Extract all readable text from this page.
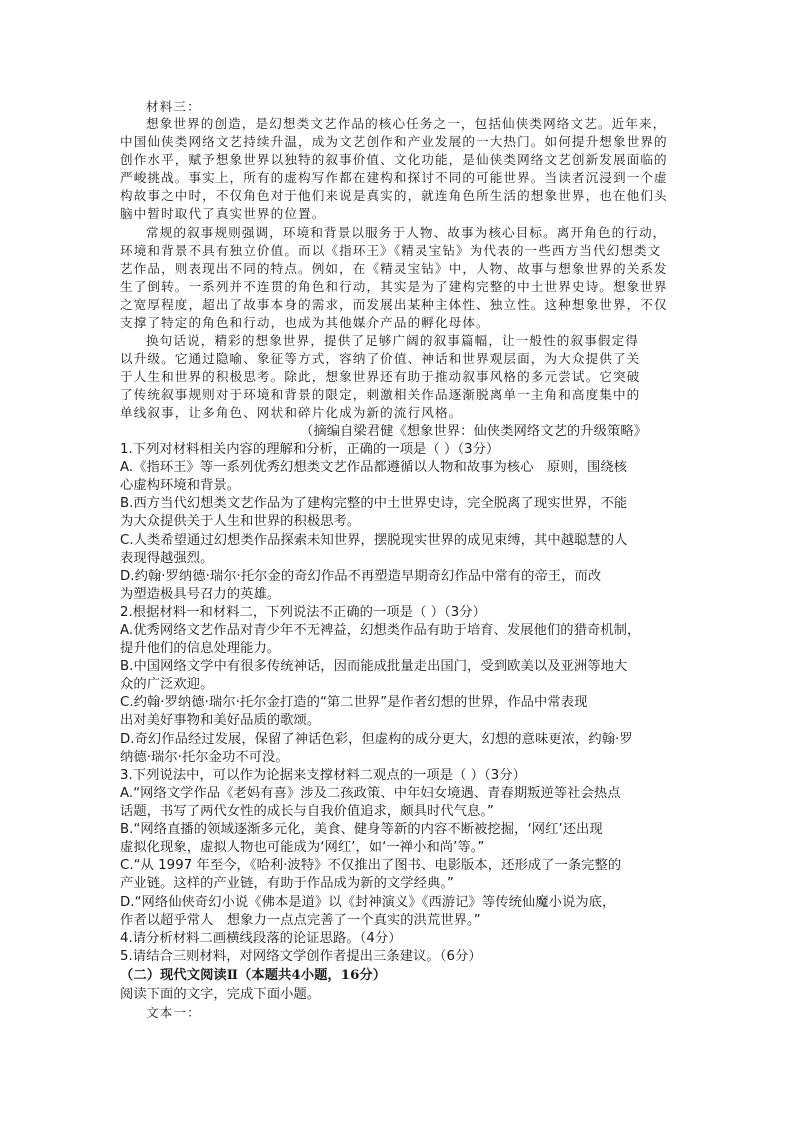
材料三：
想象世界的创造，是幻想类文艺作品的核心任务之一，包括仙侠类网络文艺。近年来，
中国仙侠类网络文艺持续升温，成为文艺创作和产业发展的一大热门。如何提升想象世界的
创作水平，赋予想象世界以独特的叙事价值、文化功能，是仙侠类网络文艺创新发展面临的
严峻挑战。事实上，所有的虚构写作都在建构和探讨不同的可能世界。当读者沉浸到一个虚
构故事之中时，不仅角色对于他们来说是真实的，就连角色所生活的想象世界，也在他们头
脑中暂时取代了真实世界的位置。
常规的叙事规则强调，环境和背景以服务于人物、故事为核心目标。离开角色的行动，
环境和背景不具有独立价值。而以《指环王》《精灵宝钻》为代表的一些西方当代幻想类文
艺作品，则表现出不同的特点。例如，在《精灵宝钻》中，人物、故事与想象世界的关系发
生了倒转。一系列并不连贯的角色和行动，其实是为了建构完整的中土世界史诗。想象世界
之宽厚程度，超出了故事本身的需求，而发展出某种主体性、独立性。这种想象世界，不仅
支撑了特定的角色和行动，也成为其他媒介产品的孵化母体。
换句话说，精彩的想象世界，提供了足够广阔的叙事篇幅，让一般性的叙事假定得
以升级。它通过隐喻、象征等方式，容纳了价值、神话和世界观层面，为大众提供了关
于人生和世界的积极思考。除此，想象世界还有助于推动叙事风格的多元尝试。它突破
了传统叙事规则对于环境和背景的限定，刺激相关作品逐渐脱离单一主角和高度集中的
单线叙事，让多角色、网状和碎片化成为新的流行风格。
（摘编自梁君健《想象世界：仙侠类网络文艺的升级策略》
1.下列对材料相关内容的理解和分析，正确的一项是（ ）（3分）
A.《指环王》等一系列优秀幻想类文艺作品都遵循以人物和故事为核心　原则，围绕核
心虚构环境和背景。
B.西方当代幻想类文艺作品为了建构完整的中土世界史诗，完全脱离了现实世界，不能
为大众提供关于人生和世界的积极思考。
C.人类希望通过幻想类作品探索未知世界，摆脱现实世界的成见束缚，其中越聪慧的人
表现得越强烈。
D.约翰·罗纳德·瑞尔·托尔金的奇幻作品不再塑造早期奇幻作品中常有的帝王，而改
为塑造极具号召力的英雄。
2.根据材料一和材料二，下列说法不正确的一项是（ ）（3分）
A.优秀网络文艺作品对青少年不无裨益，幻想类作品有助于培育、发展他们的猎奇机制，
提升他们的信息处理能力。
B.中国网络文学中有很多传统神话，因而能成批量走出国门，受到欧美以及亚洲等地大
众的广泛欢迎。
C.约翰·罗纳德·瑞尔·托尔金打造的“第二世界”是作者幻想的世界，作品中常表现
出对美好事物和美好品质的歌颂。
D.奇幻作品经过发展，保留了神话色彩，但虚构的成分更大，幻想的意味更浓，约翰·罗
纳德·瑞尔·托尔金功不可没。
3.下列说法中，可以作为论据来支撑材料二观点的一项是（ ）（3分）
A.“网络文学作品《老妈有喜》涉及二孩政策、中年妇女境遇、青春期叛逆等社会热点
话题，书写了两代女性的成长与自我价值追求，颇具时代气息。”
B.“网络直播的领域逐渐多元化，美食、健身等新的内容不断被挖掘，‘网红’还出现
虚拟化现象，虚拟人物也可能成为‘网红’，如‘一禅小和尚’等。”
C.“从 1997 年至今，《哈利·波特》不仅推出了图书、电影版本，还形成了一条完整的
产业链。这样的产业链，有助于作品成为新的文学经典。”
D.“网络仙侠奇幻小说《佛本是道》以《封神演义》《西游记》等传统仙魔小说为底，
作者以超乎常人　想象力一点点完善了一个真实的洪荒世界。”
4.请分析材料二画横线段落的论证思路。（4分）
5.请结合三则材料，对网络文学创作者提出三条建议。（6分）
（二）现代文阅读Ⅱ（本题共4小题，16分）
阅读下面的文字，完成下面小题。
文本一：
